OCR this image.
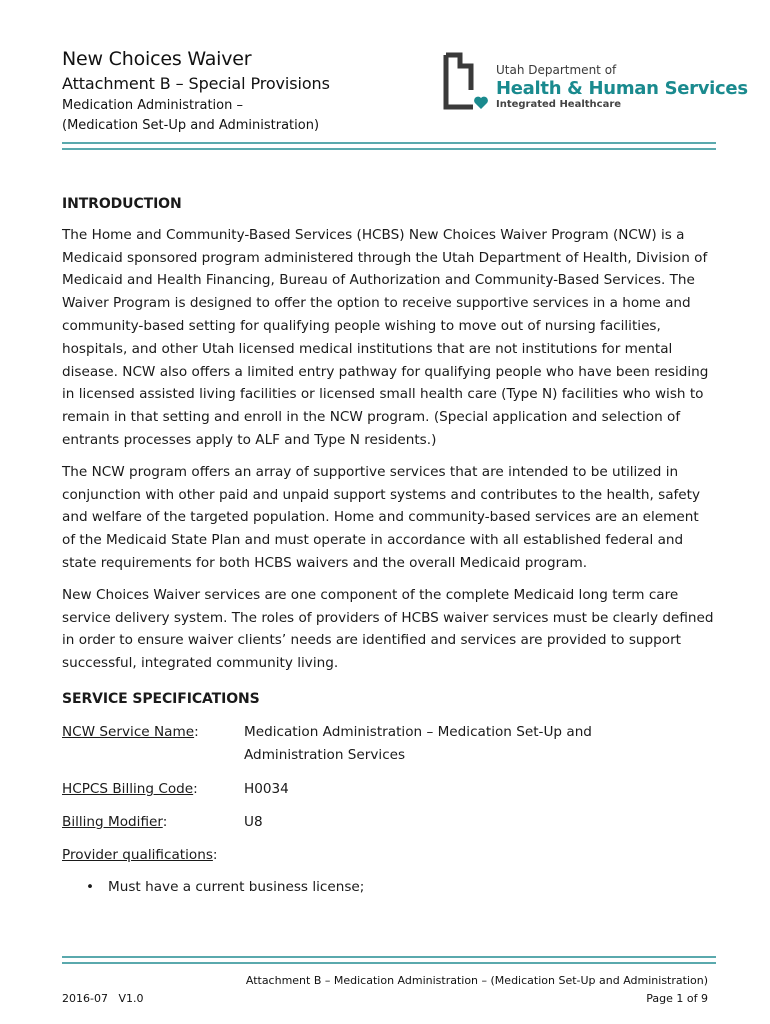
New Choices Waiver
Attachment B – Special Provisions
Medication Administration –
(Medication Set-Up and Administration)
Utah Department of
Health & Human Services
Integrated Healthcare
INTRODUCTION

The Home and Community-Based Services (HCBS) New Choices Waiver Program (NCW) is a Medicaid sponsored program administered through the Utah Department of Health, Division of Medicaid and Health Financing, Bureau of Authorization and Community-Based Services. The Waiver Program is designed to offer the option to receive supportive services in a home and community-based setting for qualifying people wishing to move out of nursing facilities, hospitals, and other Utah licensed medical institutions that are not institutions for mental disease. NCW also offers a limited entry pathway for qualifying people who have been residing in licensed assisted living facilities or licensed small health care (Type N) facilities who wish to remain in that setting and enroll in the NCW program. (Special application and selection of entrants processes apply to ALF and Type N residents.)

The NCW program offers an array of supportive services that are intended to be utilized in conjunction with other paid and unpaid support systems and contributes to the health, safety and welfare of the targeted population. Home and community-based services are an element of the Medicaid State Plan and must operate in accordance with all established federal and state requirements for both HCBS waivers and the overall Medicaid program.

New Choices Waiver services are one component of the complete Medicaid long term care service delivery system. The roles of providers of HCBS waiver services must be clearly defined in order to ensure waiver clients’ needs are identified and services are provided to support successful, integrated community living.

SERVICE SPECIFICATIONS
NCW Service Name:	Medication Administration – Medication Set-Up and Administration Services
HCPCS Billing Code:	H0034
Billing Modifier:	U8
Provider qualifications:
• Must have a current business license;
Attachment B – Medication Administration – (Medication Set-Up and Administration)
2016-07   V1.0	Page 1 of 9
